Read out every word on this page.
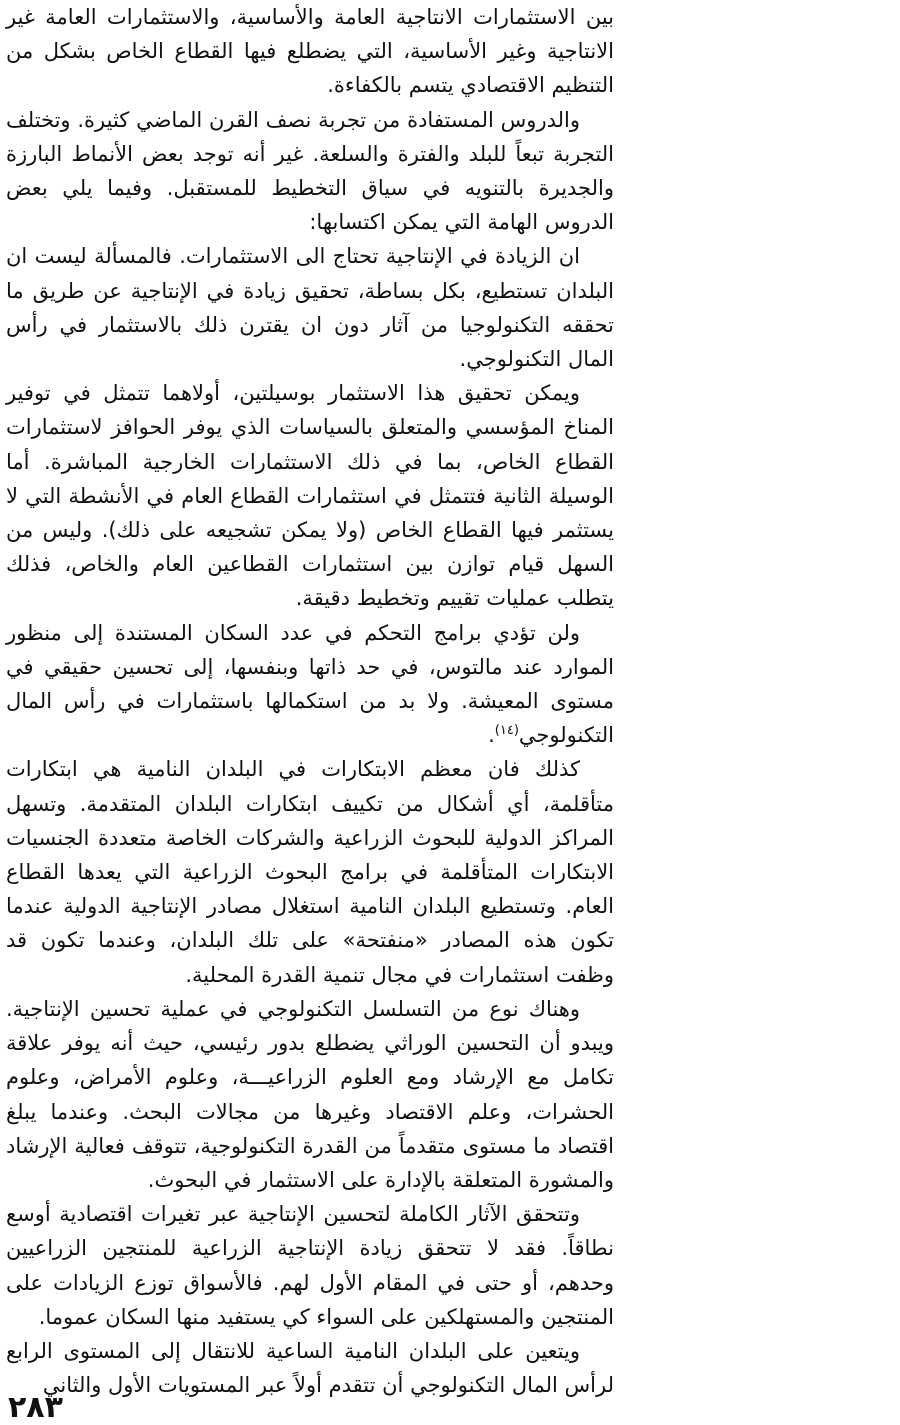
بين الاستثمارات الانتاجية العامة والأساسية، والاستثمارات العامة غير الانتاجية وغير الأساسية، التي يضطلع فيها القطاع الخاص بشكل من التنظيم الاقتصادي يتسم بالكفاءة.

والدروس المستفادة من تجربة نصف القرن الماضي كثيرة. وتختلف التجربة تبعاً للبلد والفترة والسلعة. غير أنه توجد بعض الأنماط البارزة والجديرة بالتنويه في سياق التخطيط للمستقبل. وفيما يلي بعض الدروس الهامة التي يمكن اكتسابها:

ان الزيادة في الإنتاجية تحتاج الى الاستثمارات. فالمسألة ليست ان البلدان تستطيع، بكل بساطة، تحقيق زيادة في الإنتاجية عن طريق ما تحققه التكنولوجيا من آثار دون ان يقترن ذلك بالاستثمار في رأس المال التكنولوجي.

ويمكن تحقيق هذا الاستثمار بوسيلتين، أولاهما تتمثل في توفير المناخ المؤسسي والمتعلق بالسياسات الذي يوفر الحوافز لاستثمارات القطاع الخاص، بما في ذلك الاستثمارات الخارجية المباشرة. أما الوسيلة الثانية فتتمثل في استثمارات القطاع العام في الأنشطة التي لا يستثمر فيها القطاع الخاص (ولا يمكن تشجيعه على ذلك). وليس من السهل قيام توازن بين استثمارات القطاعين العام والخاص، فذلك يتطلب عمليات تقييم وتخطيط دقيقة.

ولن تؤدي برامج التحكم في عدد السكان المستندة إلى منظور الموارد عند مالتوس، في حد ذاتها وبنفسها، إلى تحسين حقيقي في مستوى المعيشة. ولا بد من استكمالها باستثمارات في رأس المال التكنولوجي$^{(١٤)}$.

كذلك فان معظم الابتكارات في البلدان النامية هي ابتكارات متأقلمة، أي أشكال من تكييف ابتكارات البلدان المتقدمة. وتسهل المراكز الدولية للبحوث الزراعية والشركات الخاصة متعددة الجنسيات الابتكارات المتأقلمة في برامج البحوث الزراعية التي يعدها القطاع العام. وتستطيع البلدان النامية استغلال مصادر الإنتاجية الدولية عندما تكون هذه المصادر «منفتحة» على تلك البلدان، وعندما تكون قد وظفت استثمارات في مجال تنمية القدرة المحلية.

وهناك نوع من التسلسل التكنولوجي في عملية تحسين الإنتاجية. ويبدو أن التحسين الوراثي يضطلع بدور رئيسي، حيث أنه يوفر علاقة تكامل مع الإرشاد ومع العلوم الزراعيـــة، وعلوم الأمراض، وعلوم الحشرات، وعلم الاقتصاد وغيرها من مجالات البحث. وعندما يبلغ اقتصاد ما مستوى متقدماً من القدرة التكنولوجية، تتوقف فعالية الإرشاد والمشورة المتعلقة بالإدارة على الاستثمار في البحوث.

وتتحقق الآثار الكاملة لتحسين الإنتاجية عبر تغيرات اقتصادية أوسع نطاقاً. فقد لا تتحقق زيادة الإنتاجية الزراعية للمنتجين الزراعيين وحدهم، أو حتى في المقام الأول لهم. فالأسواق توزع الزيادات على المنتجين والمستهلكين على السواء كي يستفيد منها السكان عموما.

ويتعين على البلدان النامية الساعية للانتقال إلى المستوى الرابع لرأس المال التكنولوجي أن تتقدم أولاً عبر المستويات الأول والثاني

٢٨٣
